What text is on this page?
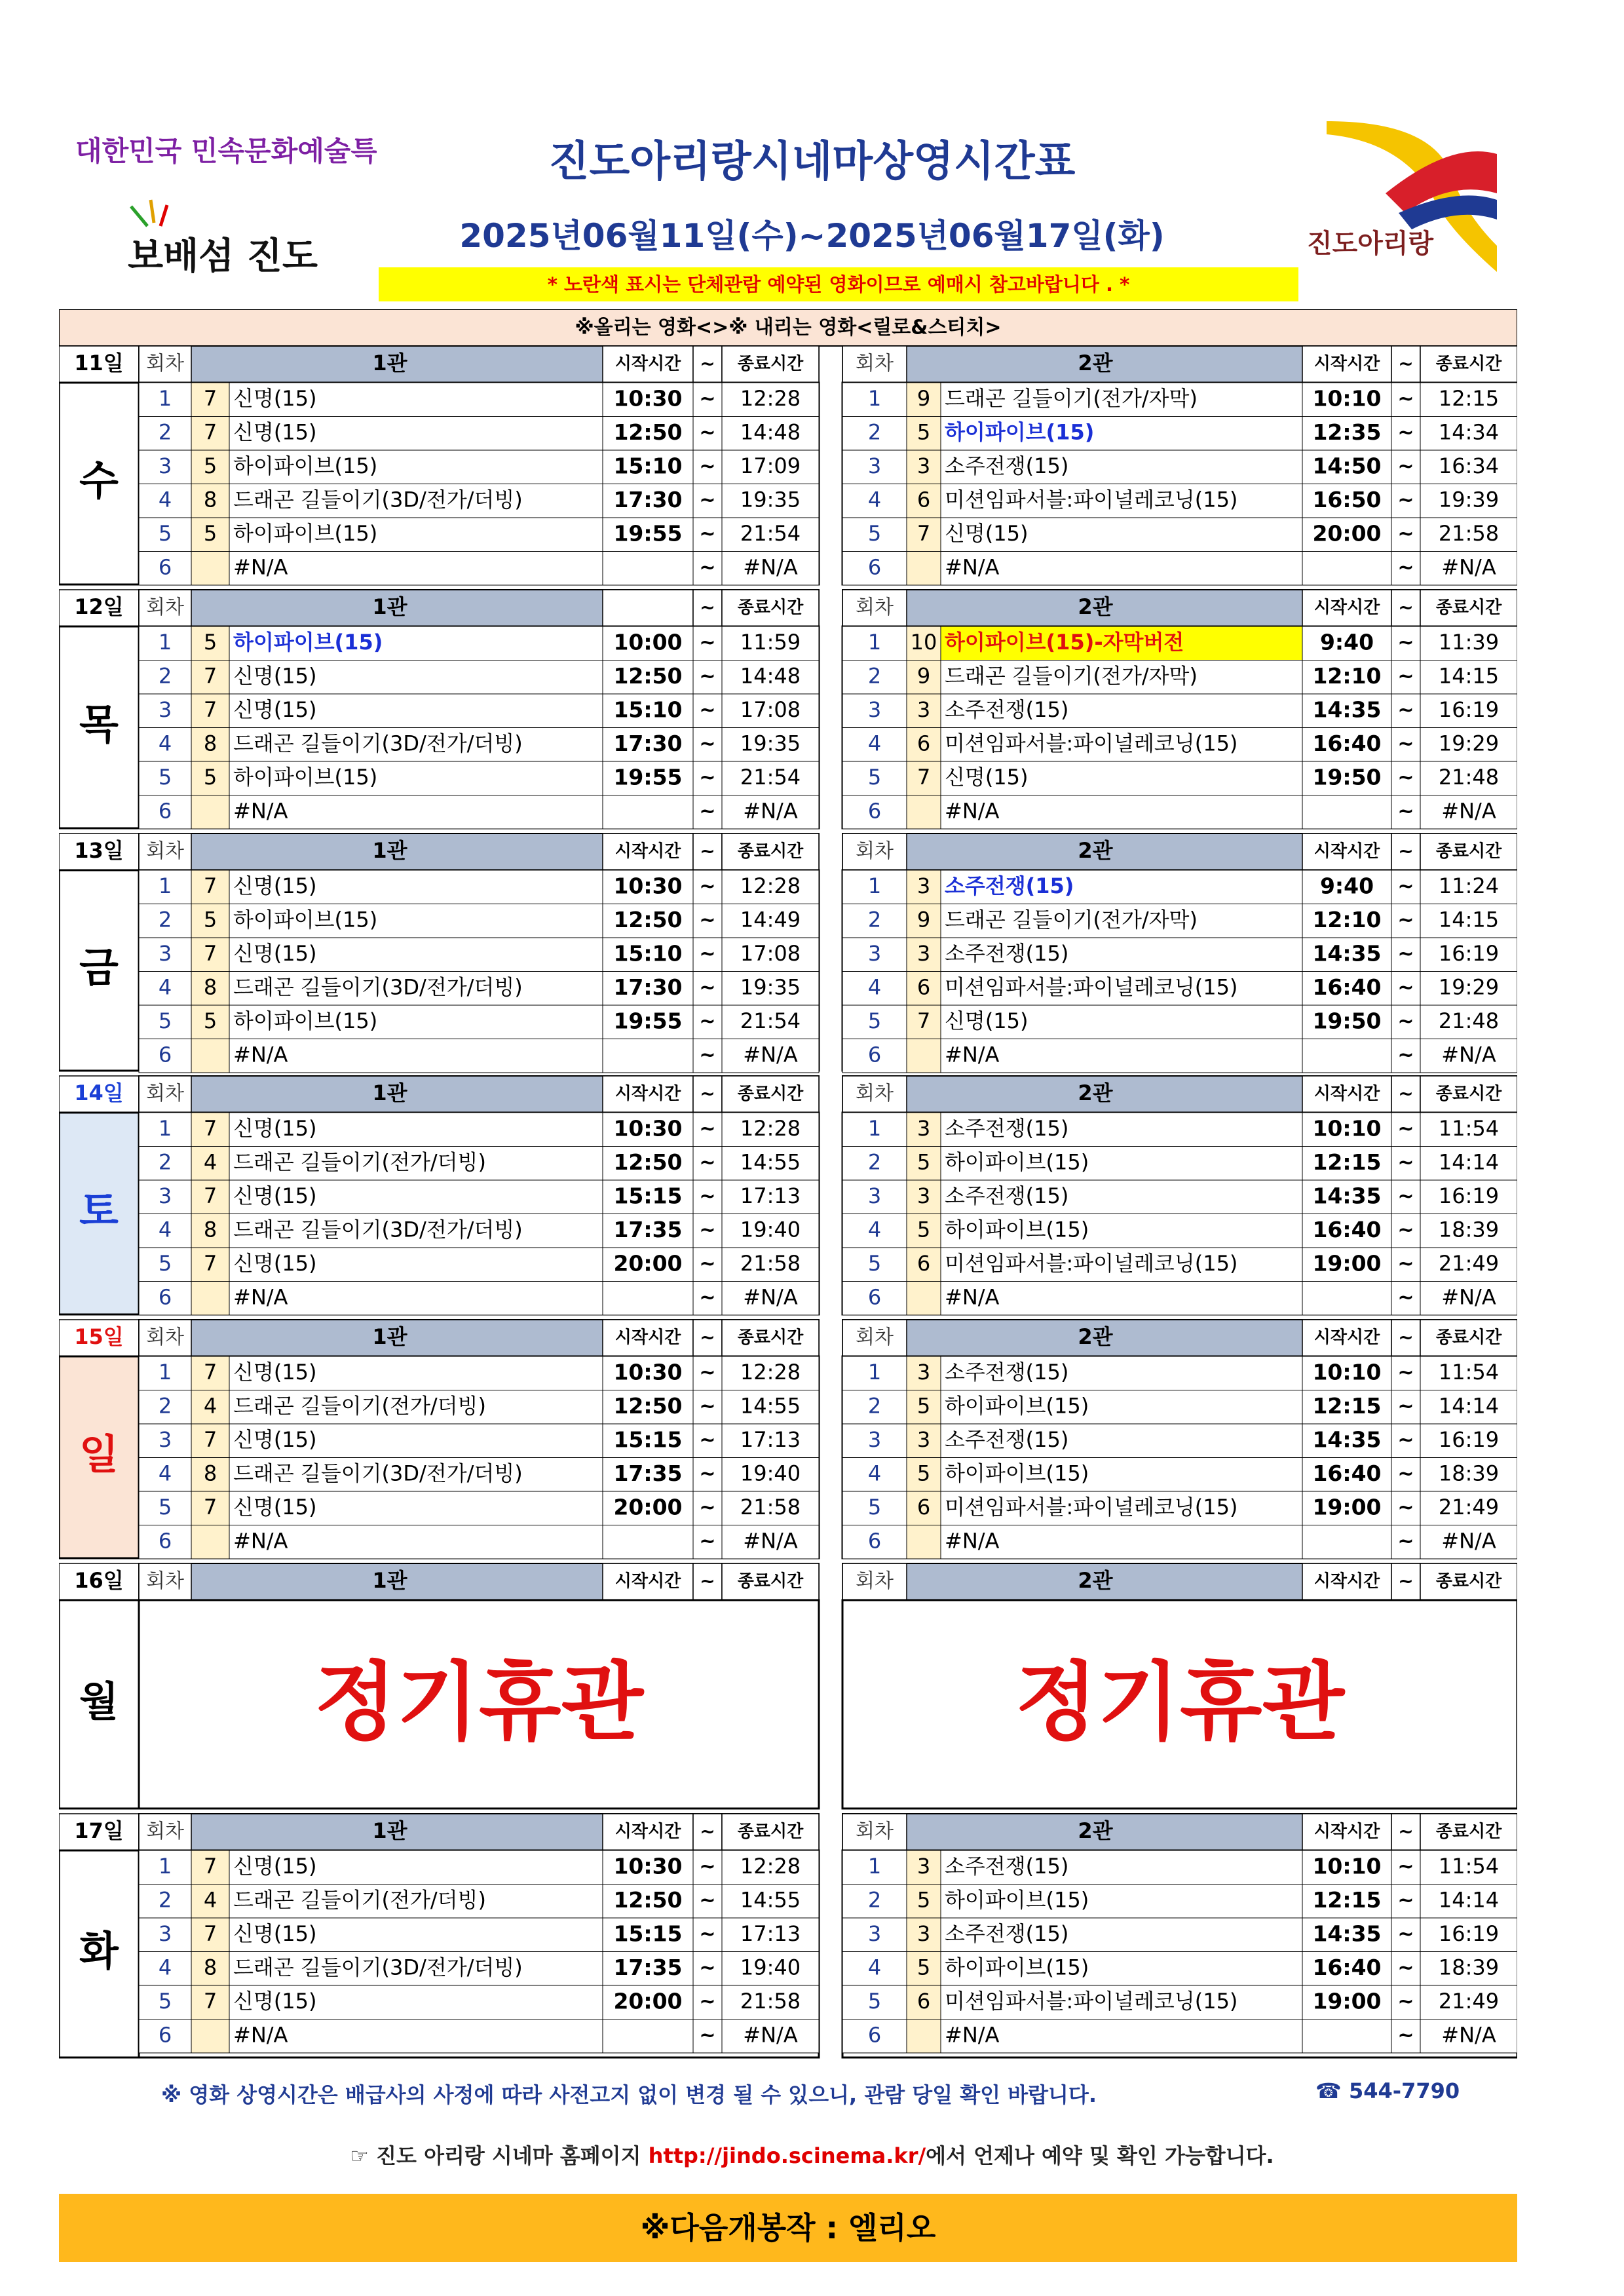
대한민국 민속문화예술특구
보배섬 진도	진도아리랑
진도아리랑시네마상영시간표
2025년06월11일(수)~2025년06월17일(화)
* 노란색 표시는 단체관람 예약된 영화이므로 예매시 참고바랍니다 . *
※올리는 영화<>※ 내리는 영화<릴로&스티치>
11일
수
회차	1관	시작시간 ~ 종료시간
1 7 신명(15)	10:30 ~ 12:28
2 7 신명(15)	12:50 ~ 14:48
3 5 하이파이브(15)	15:10 ~ 17:09
4 8 드래곤 길들이기(3D/전가/더빙)	17:30 ~ 19:35
5 5 하이파이브(15)	19:55 ~ 21:54
6	#N/A	~ #N/A
회차	2관	시작시간 ~ 종료시간
1 9 드래곤 길들이기(전가/자막)	10:10 ~ 12:15
2 5 하이파이브(15)	12:35 ~ 14:34
3 3 소주전쟁(15)	14:50 ~ 16:34
4 6 미션임파서블:파이널레코닝(15)	16:50 ~ 19:39
5 7 신명(15)	20:00 ~ 21:58
6	#N/A	~ #N/A
12일
목
회차	1관	~ 종료시간
1 5 하이파이브(15)	10:00 ~ 11:59
2 7 신명(15)	12:50 ~ 14:48
3 7 신명(15)	15:10 ~ 17:08
4 8 드래곤 길들이기(3D/전가/더빙)	17:30 ~ 19:35
5 5 하이파이브(15)	19:55 ~ 21:54
6	#N/A	~ #N/A
회차	2관	시작시간 ~ 종료시간
1 10 하이파이브(15)-자막버전	9:40 ~ 11:39
2 9 드래곤 길들이기(전가/자막)	12:10 ~ 14:15
3 3 소주전쟁(15)	14:35 ~ 16:19
4 6 미션임파서블:파이널레코닝(15)	16:40 ~ 19:29
5 7 신명(15)	19:50 ~ 21:48
6	#N/A	~ #N/A
13일
금
회차	1관	시작시간 ~ 종료시간
1 7 신명(15)	10:30 ~ 12:28
2 5 하이파이브(15)	12:50 ~ 14:49
3 7 신명(15)	15:10 ~ 17:08
4 8 드래곤 길들이기(3D/전가/더빙)	17:30 ~ 19:35
5 5 하이파이브(15)	19:55 ~ 21:54
6	#N/A	~ #N/A
회차	2관	시작시간 ~ 종료시간
1 3 소주전쟁(15)	9:40 ~ 11:24
2 9 드래곤 길들이기(전가/자막)	12:10 ~ 14:15
3 3 소주전쟁(15)	14:35 ~ 16:19
4 6 미션임파서블:파이널레코닝(15)	16:40 ~ 19:29
5 7 신명(15)	19:50 ~ 21:48
6	#N/A	~ #N/A
14일
토
회차	1관	시작시간 ~ 종료시간
1 7 신명(15)	10:30 ~ 12:28
2 4 드래곤 길들이기(전가/더빙)	12:50 ~ 14:55
3 7 신명(15)	15:15 ~ 17:13
4 8 드래곤 길들이기(3D/전가/더빙)	17:35 ~ 19:40
5 7 신명(15)	20:00 ~ 21:58
6	#N/A	~ #N/A
회차	2관	시작시간 ~ 종료시간
1 3 소주전쟁(15)	10:10 ~ 11:54
2 5 하이파이브(15)	12:15 ~ 14:14
3 3 소주전쟁(15)	14:35 ~ 16:19
4 5 하이파이브(15)	16:40 ~ 18:39
5 6 미션임파서블:파이널레코닝(15)	19:00 ~ 21:49
6	#N/A	~ #N/A
15일
일
회차	1관	시작시간 ~ 종료시간
1 7 신명(15)	10:30 ~ 12:28
2 4 드래곤 길들이기(전가/더빙)	12:50 ~ 14:55
3 7 신명(15)	15:15 ~ 17:13
4 8 드래곤 길들이기(3D/전가/더빙)	17:35 ~ 19:40
5 7 신명(15)	20:00 ~ 21:58
6	#N/A	~ #N/A
회차	2관	시작시간 ~ 종료시간
1 3 소주전쟁(15)	10:10 ~ 11:54
2 5 하이파이브(15)	12:15 ~ 14:14
3 3 소주전쟁(15)	14:35 ~ 16:19
4 5 하이파이브(15)	16:40 ~ 18:39
5 6 미션임파서블:파이널레코닝(15)	19:00 ~ 21:49
6	#N/A	~ #N/A
16일
월
회차	1관	시작시간 ~ 종료시간
정기휴관
회차	2관	시작시간 ~ 종료시간
정기휴관
17일
화
회차	1관	시작시간 ~ 종료시간
1 7 신명(15)	10:30 ~ 12:28
2 4 드래곤 길들이기(전가/더빙)	12:50 ~ 14:55
3 7 신명(15)	15:15 ~ 17:13
4 8 드래곤 길들이기(3D/전가/더빙)	17:35 ~ 19:40
5 7 신명(15)	20:00 ~ 21:58
6	#N/A	~ #N/A
회차	2관	시작시간 ~ 종료시간
1 3 소주전쟁(15)	10:10 ~ 11:54
2 5 하이파이브(15)	12:15 ~ 14:14
3 3 소주전쟁(15)	14:35 ~ 16:19
4 5 하이파이브(15)	16:40 ~ 18:39
5 6 미션임파서블:파이널레코닝(15)	19:00 ~ 21:49
6	#N/A	~ #N/A
※ 영화 상영시간은 배급사의 사정에 따라 사전고지 없이 변경 될 수 있으니, 관람 당일 확인 바랍니다.	☎ 544-7790
☞ 진도 아리랑 시네마 홈페이지 http://jindo.scinema.kr/에서 언제나 예약 및 확인 가능합니다.
※다음개봉작 : 엘리오
